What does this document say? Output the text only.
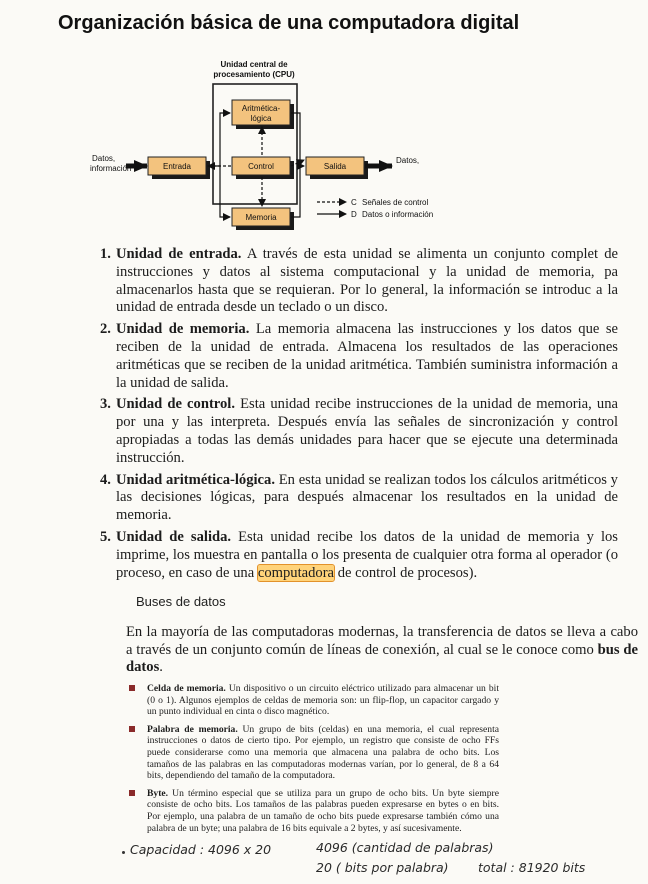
Organización básica de una computadora digital
Unidad central de
procesamiento (CPU)
Aritmética-
lógica
Entrada	Control	Salida
Memoria
Datos,
información
Datos,
C Señales de control
D Datos o información
1. Unidad de entrada. A través de esta unidad se alimenta un conjunto complet de instrucciones y datos al sistema computacional y la unidad de memoria, pa almacenarlos hasta que se requieran. Por lo general, la información se introduc a la unidad de entrada desde un teclado o un disco.
2. Unidad de memoria. La memoria almacena las instrucciones y los datos que se reciben de la unidad de entrada. Almacena los resultados de las operaciones aritméticas que se reciben de la unidad aritmética. También suministra información a la unidad de salida.
3. Unidad de control. Esta unidad recibe instrucciones de la unidad de memoria, una por una y las interpreta. Después envía las señales de sincronización y control apropiadas a todas las demás unidades para hacer que se ejecute una determinada instrucción.
4. Unidad aritmética-lógica. En esta unidad se realizan todos los cálculos aritméticos y las decisiones lógicas, para después almacenar los resultados en la unidad de memoria.
5. Unidad de salida. Esta unidad recibe los datos de la unidad de memoria y los imprime, los muestra en pantalla o los presenta de cualquier otra forma al operador (o proceso, en caso de una computadora de control de procesos).
Buses de datos
En la mayoría de las computadoras modernas, la transferencia de datos se lleva a cabo a través de un conjunto común de líneas de conexión, al cual se le conoce como bus de datos.
Celda de memoria. Un dispositivo o un circuito eléctrico utilizado para almacenar un bit (0 o 1). Algunos ejemplos de celdas de memoria son: un flip-flop, un capacitor cargado y un punto individual en cinta o disco magnético.
Palabra de memoria. Un grupo de bits (celdas) en una memoria, el cual representa instrucciones o datos de cierto tipo. Por ejemplo, un registro que consiste de ocho FFs puede considerarse como una memoria que almacena una palabra de ocho bits. Los tamaños de las palabras en las computadoras modernas varían, por lo general, de 8 a 64 bits, dependiendo del tamaño de la computadora.
Byte. Un término especial que se utiliza para un grupo de ocho bits. Un byte siempre consiste de ocho bits. Los tamaños de las palabras pueden expresarse en bytes o en bits. Por ejemplo, una palabra de un tamaño de ocho bits puede expresarse también cómo una palabra de un byte; una palabra de 16 bits equivale a 2 bytes, y así sucesivamente.
Capacidad : 4096 x 20	4096 (cantidad de palabras)
20 ( bits por palabra) total : 81920 bits
